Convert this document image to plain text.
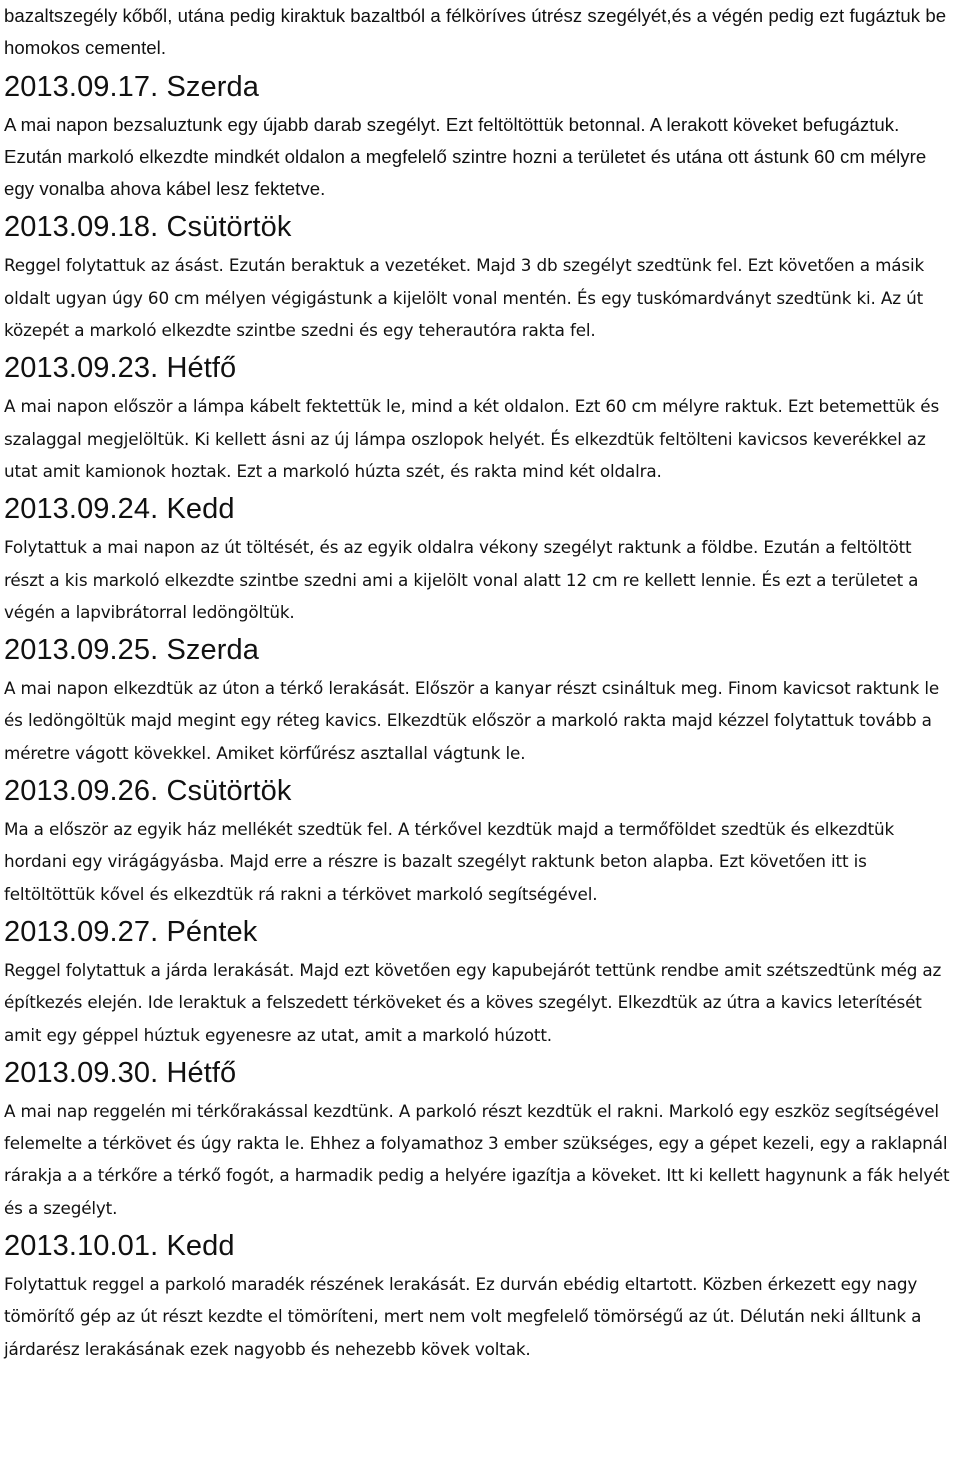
bazaltszegély kőből, utána pedig kiraktuk bazaltból a félköríves útrész szegélyét,és a végén pedig ezt fugáztuk be homokos cementel.

2013.09.17. Szerda

A mai napon bezsaluztunk egy újabb darab szegélyt. Ezt feltöltöttük betonnal. A lerakott köveket befugáztuk. Ezután markoló elkezdte mindkét oldalon a megfelelő szintre hozni a területet és utána ott ástunk 60 cm mélyre egy vonalba ahova kábel lesz fektetve.

2013.09.18. Csütörtök

Reggel folytattuk az ásást. Ezután beraktuk a vezetéket. Majd 3 db szegélyt szedtünk fel. Ezt követően a másik oldalt ugyan úgy 60 cm mélyen végigástunk a kijelölt vonal mentén. És egy tuskómardványt szedtünk ki. Az út közepét a markoló elkezdte szintbe szedni és egy teherautóra rakta fel.

2013.09.23. Hétfő

A mai napon először a lámpa kábelt fektettük le, mind a két oldalon. Ezt 60 cm mélyre raktuk. Ezt betemettük és szalaggal megjelöltük. Ki kellett ásni az új lámpa oszlopok helyét. És elkezdtük feltölteni kavicsos keverékkel az utat amit kamionok hoztak. Ezt a markoló húzta szét, és rakta mind két oldalra.

2013.09.24. Kedd

Folytattuk a mai napon az út töltését, és az egyik oldalra vékony szegélyt raktunk a földbe. Ezután a feltöltött részt a kis markoló elkezdte szintbe szedni ami a kijelölt vonal alatt 12 cm re kellett lennie. És ezt a területet a végén a lapvibrátorral ledöngöltük.

2013.09.25. Szerda

A mai napon elkezdtük az úton a térkő lerakását. Először a kanyar részt csináltuk meg. Finom kavicsot raktunk le és ledöngöltük majd megint egy réteg kavics. Elkezdtük először a markoló rakta majd kézzel folytattuk tovább a méretre vágott kövekkel. Amiket körfűrész asztallal vágtunk le.

2013.09.26. Csütörtök

Ma a először az egyik ház mellékét szedtük fel. A térkővel kezdtük majd a termőföldet szedtük és elkezdtük hordani egy virágágyásba. Majd erre a részre is bazalt szegélyt raktunk beton alapba. Ezt követően itt is feltöltöttük kővel és elkezdtük rá rakni a térkövet markoló segítségével.

2013.09.27. Péntek

Reggel folytattuk a járda lerakását. Majd ezt követően egy kapubejárót tettünk rendbe amit szétszedtünk még az építkezés elején. Ide leraktuk a felszedett térköveket és a köves szegélyt. Elkezdtük az útra a kavics leterítését amit egy géppel húztuk egyenesre az utat, amit a markoló húzott.

2013.09.30. Hétfő

A mai nap reggelén mi térkőrakással kezdtünk. A parkoló részt kezdtük el rakni. Markoló egy eszköz segítségével felemelte a térkövet és úgy rakta le. Ehhez a folyamathoz 3 ember szükséges, egy a gépet kezeli, egy a raklapnál rárakja a a térkőre a térkő fogót, a harmadik pedig a helyére igazítja a köveket. Itt ki kellett hagynunk a fák helyét és a szegélyt.

2013.10.01. Kedd

Folytattuk reggel a parkoló maradék részének lerakását. Ez durván ebédig eltartott. Közben érkezett egy nagy tömörítő gép az út részt kezdte el tömöríteni, mert nem volt megfelelő tömörségű az út. Délután neki álltunk a járdarész lerakásának ezek nagyobb és nehezebb kövek voltak.
